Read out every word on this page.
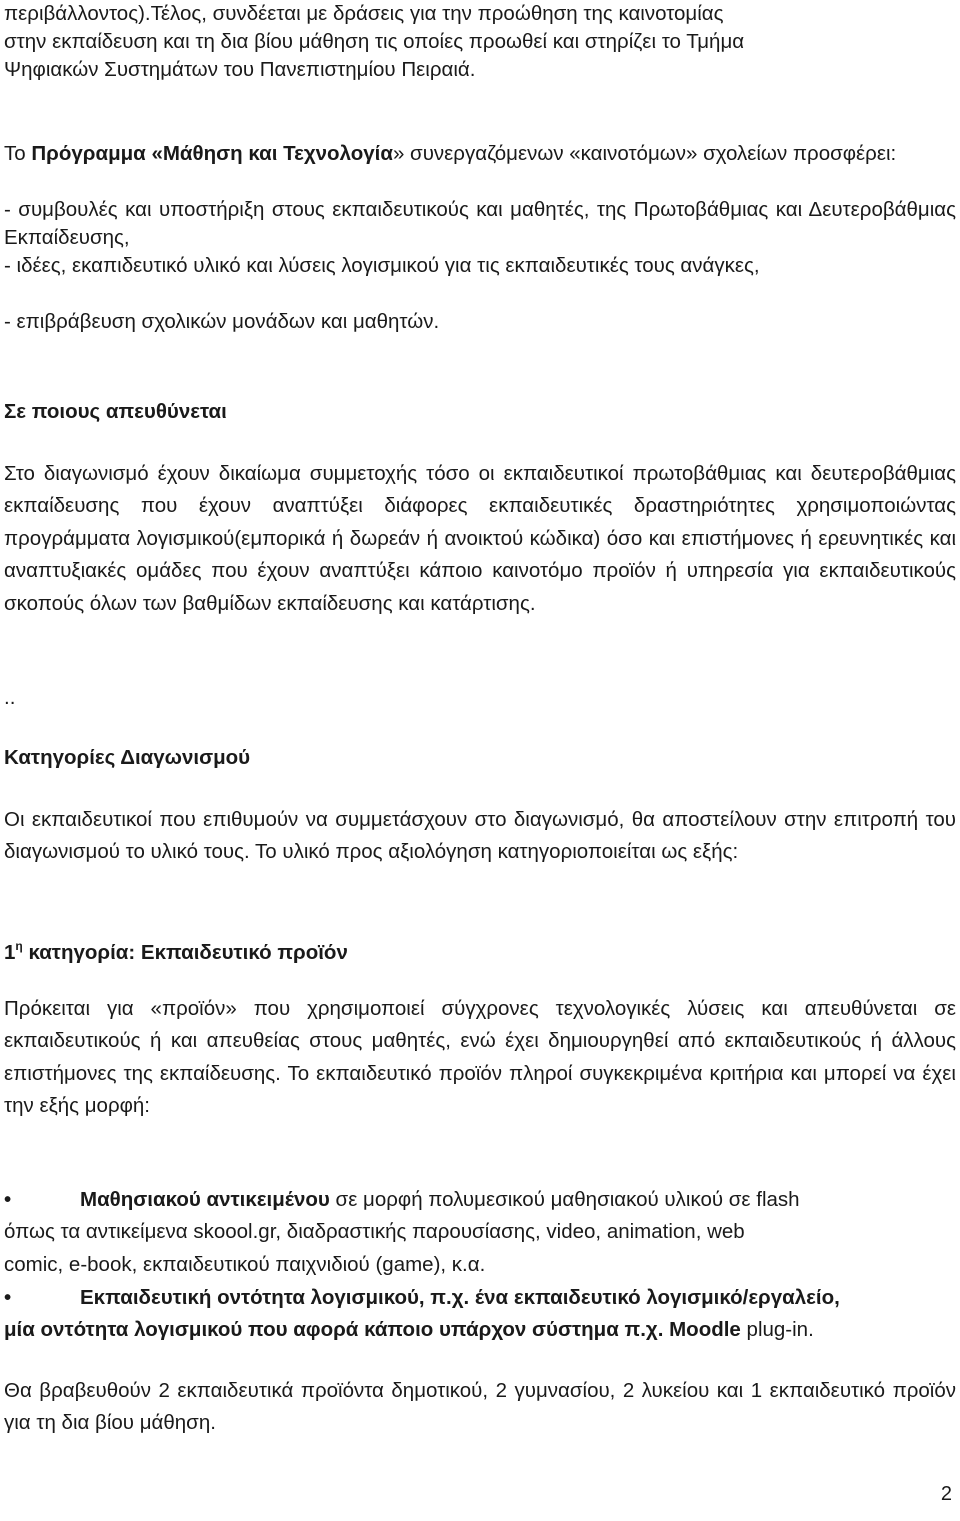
περιβάλλοντος).Τέλος, συνδέεται με δράσεις για την προώθηση της καινοτομίας
στην εκπαίδευση και τη δια βίου μάθηση τις οποίες προωθεί και στηρίζει το Τμήμα
Ψηφιακών Συστημάτων του Πανεπιστημίου Πειραιά.
Το Πρόγραμμα «Μάθηση και Τεχνολογία» συνεργαζόμενων «καινοτόμων» σχολείων προσφέρει:
- συμβουλές και υποστήριξη στους εκπαιδευτικούς και μαθητές, της Πρωτοβάθμιας και Δευτεροβάθμιας Εκπαίδευσης,
- ιδέες, εκαπιδευτικό υλικό και λύσεις λογισμικού για τις εκπαιδευτικές τους ανάγκες,
- επιβράβευση σχολικών μονάδων και μαθητών.
Σε ποιους απευθύνεται
Στο διαγωνισμό έχουν δικαίωμα συμμετοχής τόσο οι εκπαιδευτικοί πρωτοβάθμιας και δευτεροβάθμιας εκπαίδευσης που έχουν αναπτύξει διάφορες εκπαιδευτικές δραστηριότητες χρησιμοποιώντας προγράμματα λογισμικού(εμπορικά ή δωρεάν ή ανοικτού κώδικα) όσο και επιστήμονες ή ερευνητικές και αναπτυξιακές ομάδες που έχουν αναπτύξει κάποιο καινοτόμο προϊόν ή υπηρεσία για εκπαιδευτικούς σκοπούς όλων των βαθμίδων εκπαίδευσης και κατάρτισης.
..
Κατηγορίες Διαγωνισμού
Οι εκπαιδευτικοί που επιθυμούν να συμμετάσχουν στο διαγωνισμό, θα αποστείλουν στην επιτροπή του διαγωνισμού το υλικό τους. Το υλικό προς αξιολόγηση κατηγοριοποιείται ως εξής:
$1^\eta$ κατηγορία: Εκπαιδευτικό προϊόν
Πρόκειται για «προϊόν» που χρησιμοποιεί σύγχρονες τεχνολογικές λύσεις και απευθύνεται σε εκπαιδευτικούς ή και απευθείας στους μαθητές, ενώ έχει δημιουργηθεί από εκπαιδευτικούς ή άλλους επιστήμονες της εκπαίδευσης. Το εκπαιδευτικό προϊόν πληροί συγκεκριμένα κριτήρια και μπορεί να έχει την εξής μορφή:
•	Μαθησιακού αντικειμένου σε μορφή πολυμεσικού μαθησιακού υλικού σε flash
όπως τα αντικείμενα skoool.gr, διαδραστικής παρουσίασης, video, animation, web
comic, e-book, εκπαιδευτικού παιχνιδιού (game), κ.α.
•	Εκπαιδευτική οντότητα λογισμικού, π.χ. ένα εκπαιδευτικό λογισμικό/εργαλείο,
μία οντότητα λογισμικού που αφορά κάποιο υπάρχον σύστημα π.χ. Moodle plug-in.
Θα βραβευθούν 2 εκπαιδευτικά προϊόντα δημοτικού, 2 γυμνασίου, 2 λυκείου και 1 εκπαιδευτικό προϊόν για τη δια βίου μάθηση.
2
